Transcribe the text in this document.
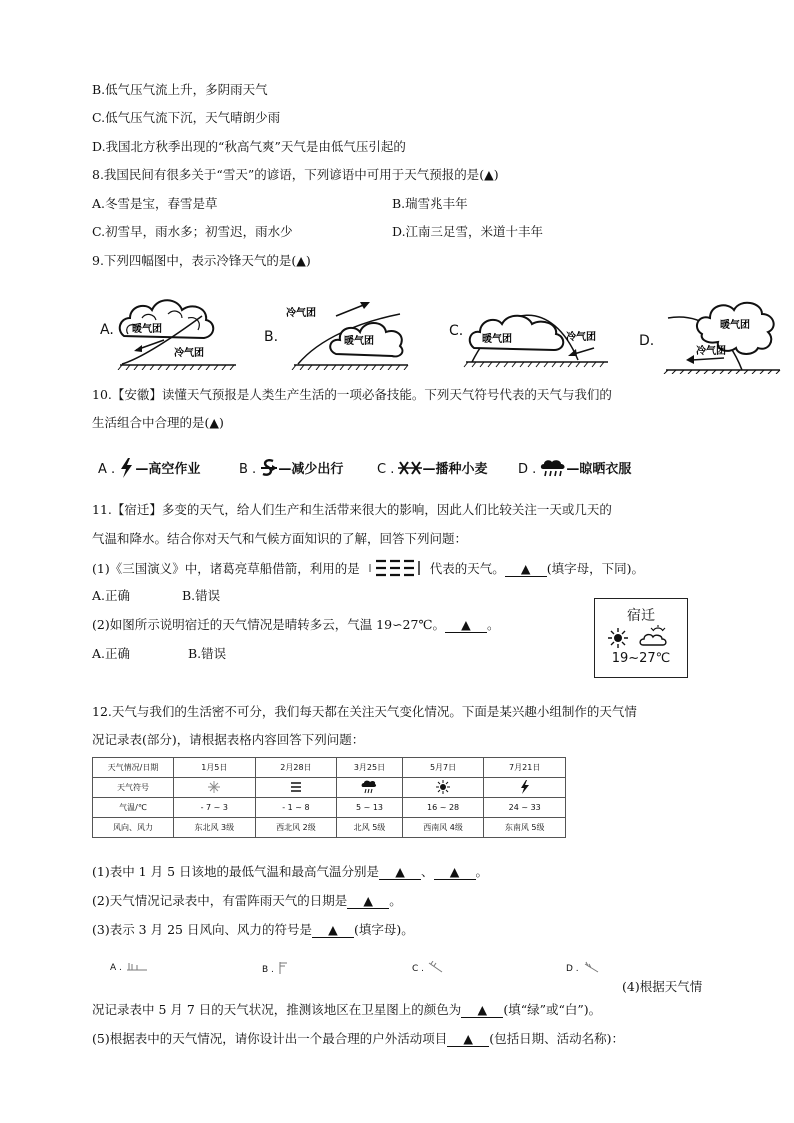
B.低气压气流上升，多阴雨天气
C.低气压气流下沉，天气晴朗少雨
D.我国北方秋季出现的“秋高气爽”天气是由低气压引起的
8.我国民间有很多关于“雪天”的谚语，下列谚语中可用于天气预报的是(▲)
A.冬雪是宝，春雪是草	B.瑞雪兆丰年
C.初雪早，雨水多；初雪迟，雨水少	D.江南三足雪，米道十丰年
9.下列四幅图中，表示冷锋天气的是(▲)
A. 暖气团
冷气团
B.
冷气团
暖气团
C.
暖气团	冷气团	D.
暖气团
冷气团
10.【安徽】读懂天气预报是人类生产生活的一项必备技能。下列天气符号代表的天气与我们的
生活组合中合理的是(▲)
A . —高空作业	B . —减少出行	C . —播种小麦 D . —晾晒衣服
11.【宿迁】多变的天气，给人们生产和生活带来很大的影响，因此人们比较关注一天或几天的
气温和降水。结合你对天气和气候方面知识的了解，回答下列问题：
(1)《三国演义》中，诸葛亮草船借箭，利用的是	代表的天气。 ▲ (填字母，下同)。
A.正确	B.错误
(2)如图所示说明宿迁的天气情况是晴转多云，气温 19∽27℃。 ▲ 。
A.正确	B.错误
宿迁
19~27℃
12.天气与我们的生活密不可分，我们每天都在关注天气变化情况。下面是某兴趣小组制作的天气情
况记录表(部分)，请根据表格内容回答下列问题：
天气情况/日期	1月5日	2月28日	3月25日	5月7日	7月21日
天气符号					
气温/℃	- 7 ~ 3	- 1 ~ 8	5 ~ 13	16 ~ 28	24 ~ 33
风向、风力	东北风 3级	西北风 2级	北风 5级	西南风 4级	东南风 5级
(1)表中 1 月 5 日该地的最低气温和最高气温分别是 ▲ 、 ▲ 。
(2)天气情况记录表中，有雷阵雨天气的日期是 ▲ 。
(3)表示 3 月 25 日风向、风力的符号是 ▲ (填字母)。
A .	B .	C .	D .
(4)根据天气情
况记录表中 5 月 7 日的天气状况，推测该地区在卫星图上的颜色为 ▲ (填“绿”或“白”)。
(5)根据表中的天气情况，请你设计出一个最合理的户外活动项目 ▲ (包括日期、活动名称)：
